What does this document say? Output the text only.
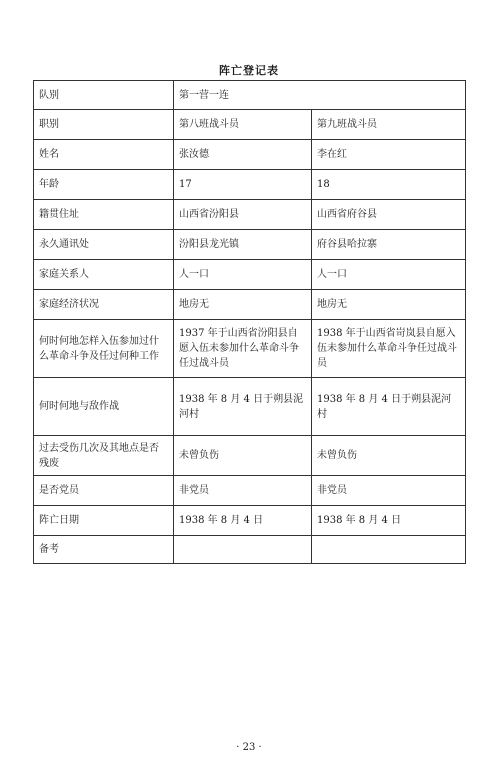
阵亡登记表
队别	第一营一连	
职别	第八班战斗员	第九班战斗员
姓名	张汝德	李在红
年龄	17	18
籍贯住址	山西省汾阳县	山西省府谷县
永久通讯处	汾阳县龙光镇	府谷县哈拉寨
家庭关系人	人一口	人一口
家庭经济状况	地房无	地房无
何时何地怎样入伍参加过什么革命斗争及任过何种工作	1937 年于山西省汾阳县自愿入伍未参加什么革命斗争任过战斗员	1938 年于山西省岢岚县自愿入伍未参加什么革命斗争任过战斗员
何时何地与敌作战	1938 年 8 月 4 日于朔县泥河村	1938 年 8 月 4 日于朔县泥河村
过去受伤几次及其地点是否残废	未曾负伤	未曾负伤
是否党员	非党员	非党员
阵亡日期	1938 年 8 月 4 日	1938 年 8 月 4 日
备考		
· 23 ·
